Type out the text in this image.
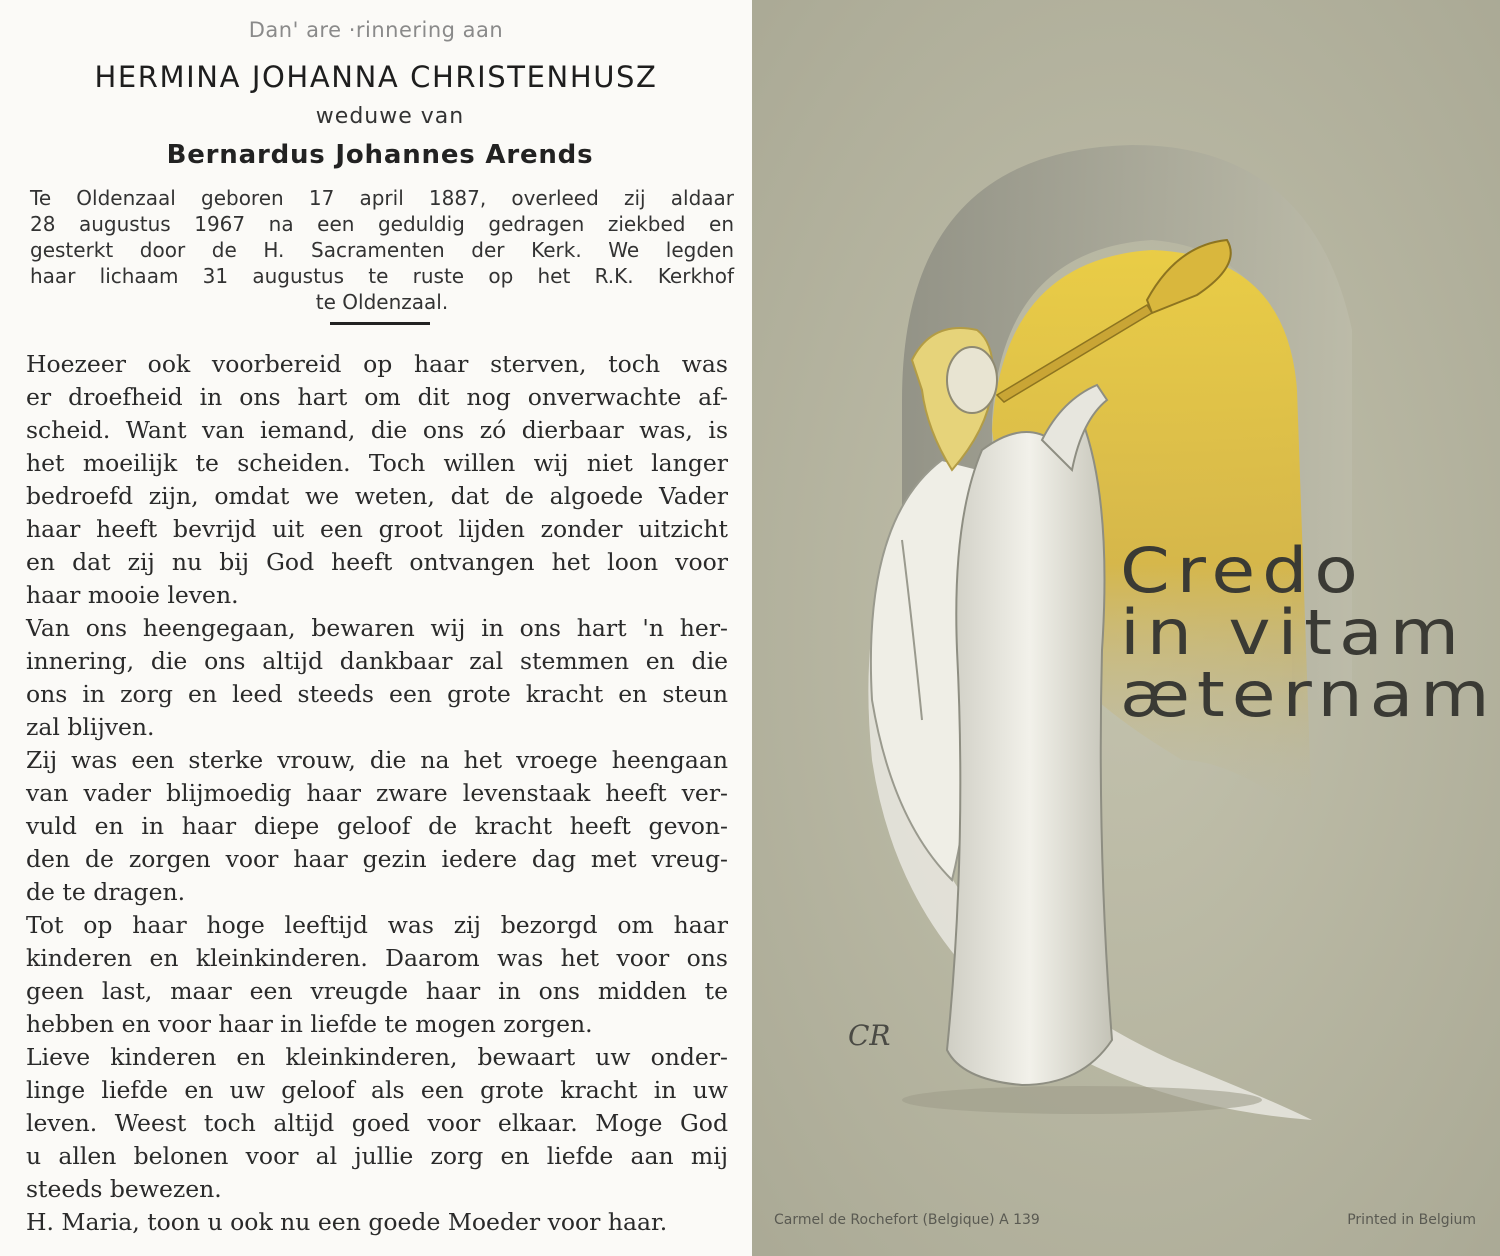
Dan' are ·rinnering aan
HERMINA JOHANNA CHRISTENHUSZ
weduwe van
Bernardus Johannes Arends
Te Oldenzaal geboren 17 april 1887, overleed zij aldaar
28 augustus 1967 na een geduldig gedragen ziekbed en
gesterkt door de H. Sacramenten der Kerk. We legden
haar lichaam 31 augustus te ruste op het R.K. Kerkhof
te Oldenzaal.
Hoezeer ook voorbereid op haar sterven, toch was
er droefheid in ons hart om dit nog onverwachte af-
scheid. Want van iemand, die ons zó dierbaar was, is
het moeilijk te scheiden. Toch willen wij niet langer
bedroefd zijn, omdat we weten, dat de algoede Vader
haar heeft bevrijd uit een groot lijden zonder uitzicht
en dat zij nu bij God heeft ontvangen het loon voor
haar mooie leven.
Van ons heengegaan, bewaren wij in ons hart 'n her-
innering, die ons altijd dankbaar zal stemmen en die
ons in zorg en leed steeds een grote kracht en steun
zal blijven.
Zij was een sterke vrouw, die na het vroege heengaan
van vader blijmoedig haar zware levenstaak heeft ver-
vuld en in haar diepe geloof de kracht heeft gevon-
den de zorgen voor haar gezin iedere dag met vreug-
de te dragen.
Tot op haar hoge leeftijd was zij bezorgd om haar
kinderen en kleinkinderen. Daarom was het voor ons
geen last, maar een vreugde haar in ons midden te
hebben en voor haar in liefde te mogen zorgen.
Lieve kinderen en kleinkinderen, bewaart uw onder-
linge liefde en uw geloof als een grote kracht in uw
leven. Weest toch altijd goed voor elkaar. Moge God
u allen belonen voor al jullie zorg en liefde aan mij
steeds bewezen.
H. Maria, toon u ook nu een goede Moeder voor haar.
CR
Credo
in vitam
æternam
Carmel de Rochefort (Belgique) A 139	Printed in Belgium
